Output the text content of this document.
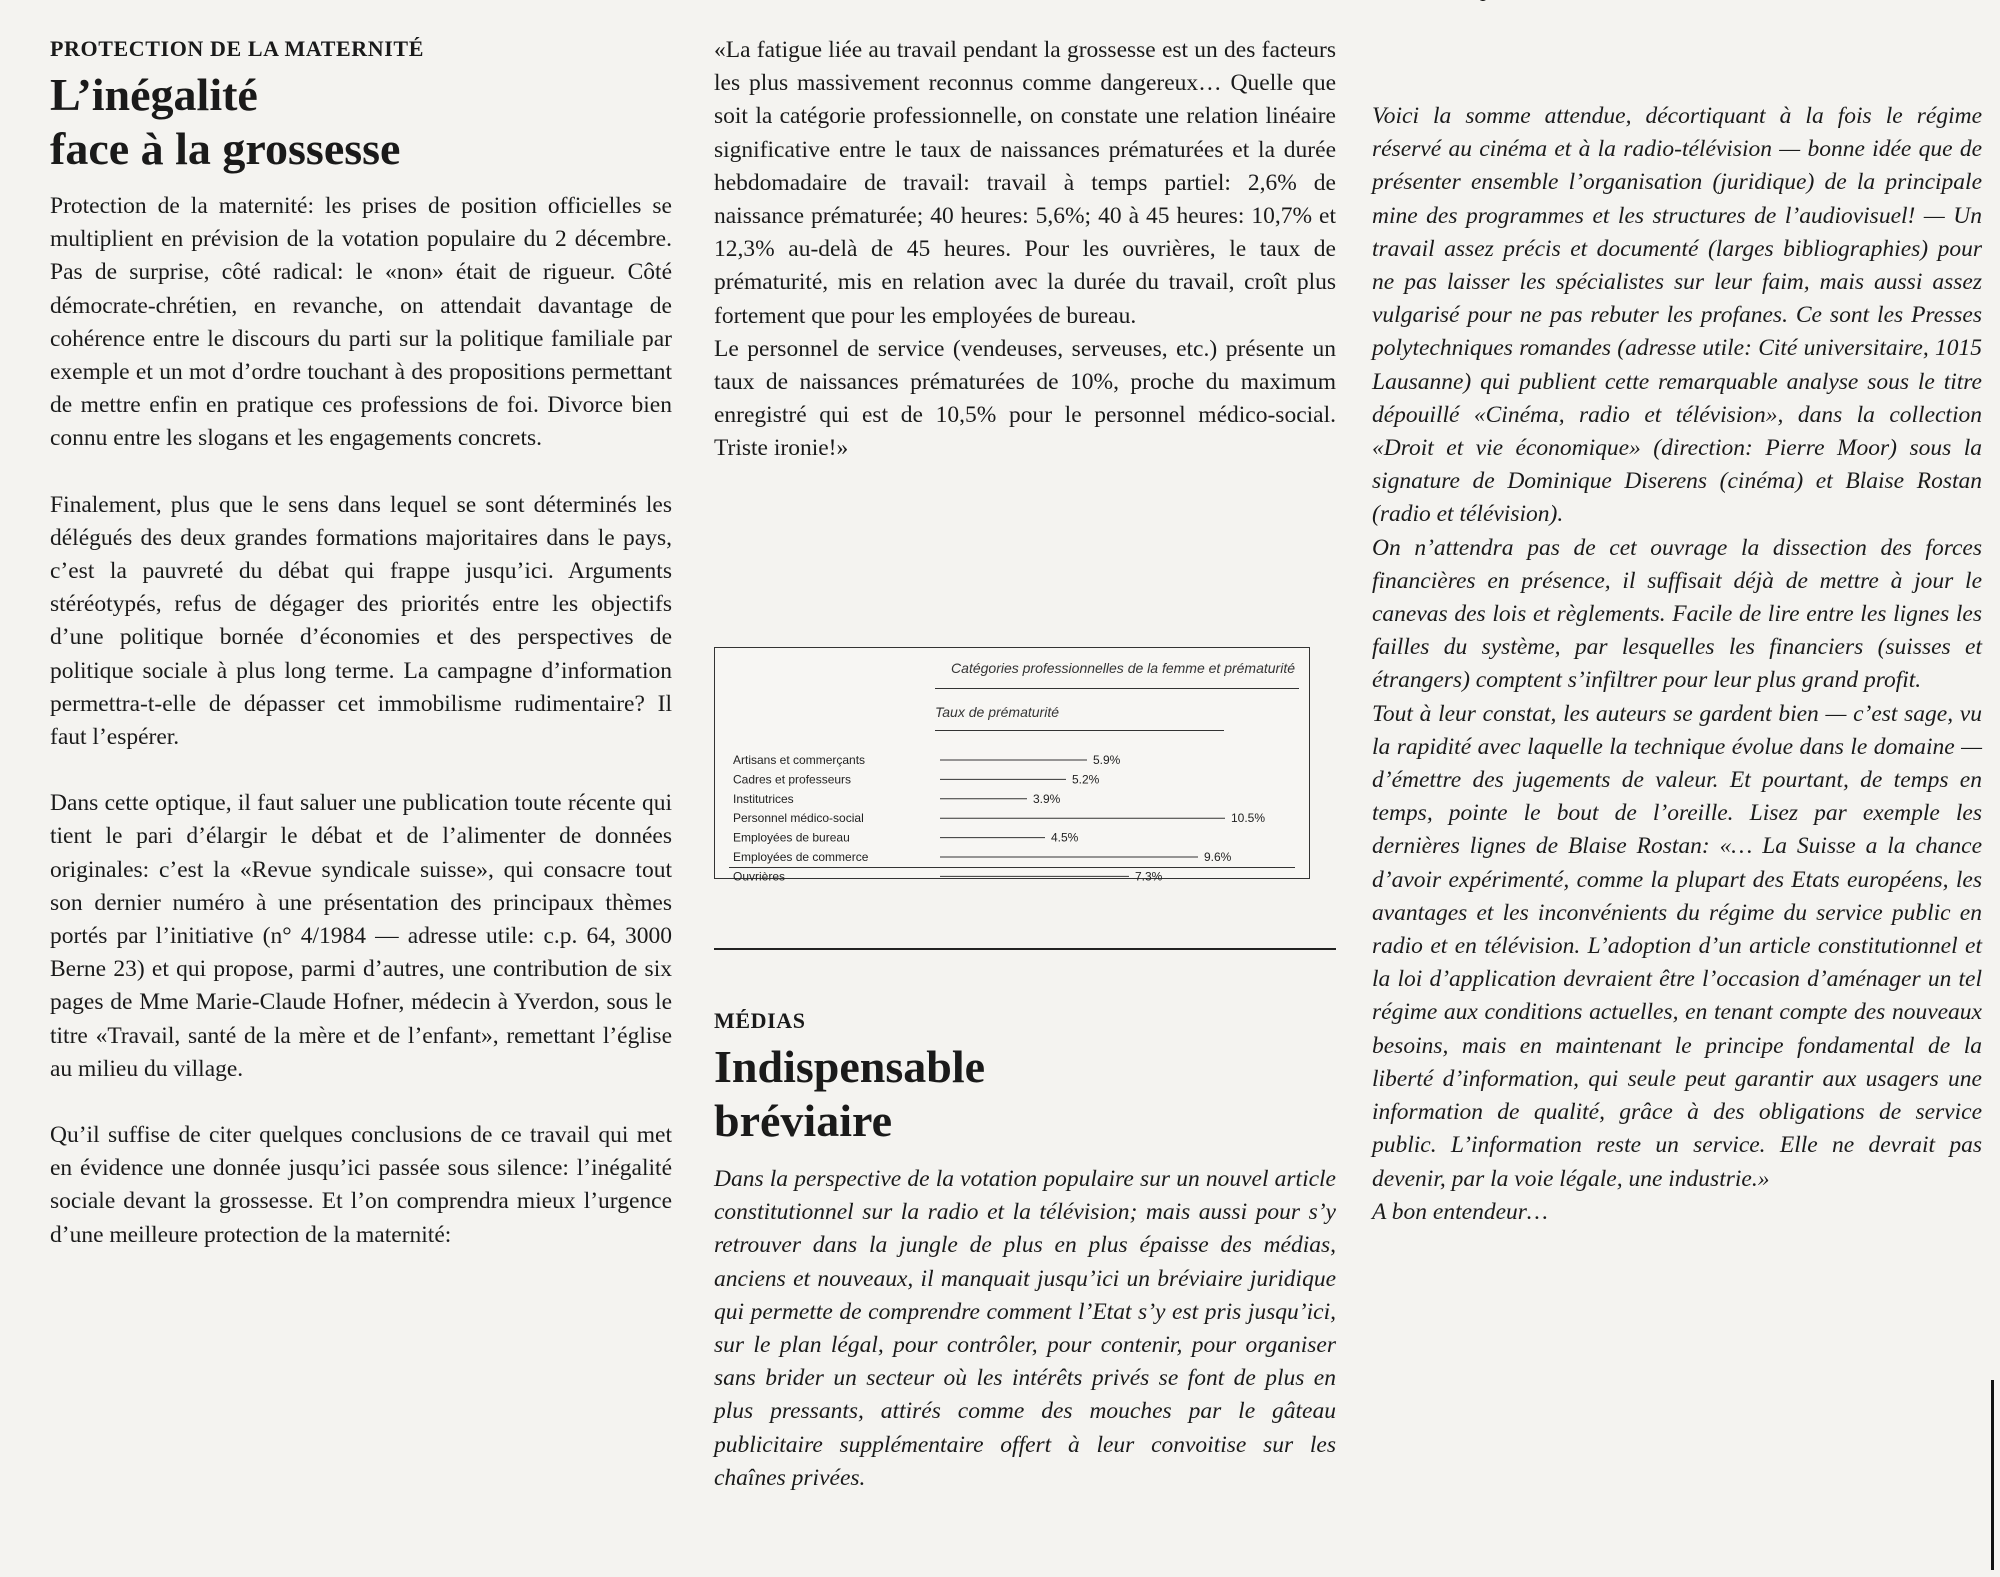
PROTECTION DE LA MATERNITÉ
L’inégalité
face à la grossesse

Protection de la maternité: les prises de position officielles se multiplient en prévision de la votation populaire du 2 décembre. Pas de surprise, côté radical: le «non» était de rigueur. Côté démocrate-chrétien, en revanche, on attendait davantage de cohérence entre le discours du parti sur la politique familiale par exemple et un mot d’ordre touchant à des propositions permettant de mettre enfin en pratique ces professions de foi. Divorce bien connu entre les slogans et les engagements concrets.

Finalement, plus que le sens dans lequel se sont déterminés les délégués des deux grandes formations majoritaires dans le pays, c’est la pauvreté du débat qui frappe jusqu’ici. Arguments stéréotypés, refus de dégager des priorités entre les objectifs d’une politique bornée d’économies et des perspectives de politique sociale à plus long terme. La campagne d’information permettra-t-elle de dépasser cet immobilisme rudimentaire? Il faut l’espérer.

Dans cette optique, il faut saluer une publication toute récente qui tient le pari d’élargir le débat et de l’alimenter de données originales: c’est la «Revue syndicale suisse», qui consacre tout son dernier numéro à une présentation des principaux thèmes portés par l’initiative (n° 4/1984 — adresse utile: c.p. 64, 3000 Berne 23) et qui propose, parmi d’autres, une contribution de six pages de Mme Marie-Claude Hofner, médecin à Yverdon, sous le titre «Travail, santé de la mère et de l’enfant», remettant l’église au milieu du village.

Qu’il suffise de citer quelques conclusions de ce travail qui met en évidence une donnée jusqu’ici passée sous silence: l’inégalité sociale devant la grossesse. Et l’on comprendra mieux l’urgence d’une meilleure protection de la maternité:

«La fatigue liée au travail pendant la grossesse est un des facteurs les plus massivement reconnus comme dangereux… Quelle que soit la catégorie professionnelle, on constate une relation linéaire significative entre le taux de naissances prématurées et la durée hebdomadaire de travail: travail à temps partiel: 2,6% de naissance prématurée; 40 heures: 5,6%; 40 à 45 heures: 10,7% et 12,3% au-delà de 45 heures. Pour les ouvrières, le taux de prématurité, mis en relation avec la durée du travail, croît plus fortement que pour les employées de bureau.

Le personnel de service (vendeuses, serveuses, etc.) présente un taux de naissances prématurées de 10%, proche du maximum enregistré qui est de 10,5% pour le personnel médico-social. Triste ironie!»

Catégories professionnelles de la femme et prématurité
Taux de prématurité
Artisans et commerçants	5.9%
Cadres et professeurs	5.2%
Institutrices	3.9%
Personnel médico-social	10.5%
Employées de bureau	4.5%
Employées de commerce	9.6%
Ouvrières	7.3%
MÉDIAS
Indispensable
bréviaire

Dans la perspective de la votation populaire sur un nouvel article constitutionnel sur la radio et la télévision; mais aussi pour s’y retrouver dans la jungle de plus en plus épaisse des médias, anciens et nouveaux, il manquait jusqu’ici un bréviaire juridique qui permette de comprendre comment l’Etat s’y est pris jusqu’ici, sur le plan légal, pour contrôler, pour contenir, pour organiser sans brider un secteur où les intérêts privés se font de plus en plus pressants, attirés comme des mouches par le gâteau publicitaire supplémentaire offert à leur convoitise sur les chaînes privées.

Voici la somme attendue, décortiquant à la fois le régime réservé au cinéma et à la radio-télévision — bonne idée que de présenter ensemble l’organisation (juridique) de la principale mine des programmes et les structures de l’audiovisuel! — Un travail assez précis et documenté (larges bibliographies) pour ne pas laisser les spécialistes sur leur faim, mais aussi assez vulgarisé pour ne pas rebuter les profanes. Ce sont les Presses polytechniques romandes (adresse utile: Cité universitaire, 1015 Lausanne) qui publient cette remarquable analyse sous le titre dépouillé «Cinéma, radio et télévision», dans la collection «Droit et vie économique» (direction: Pierre Moor) sous la signature de Dominique Diserens (cinéma) et Blaise Rostan (radio et télévision).

On n’attendra pas de cet ouvrage la dissection des forces financières en présence, il suffisait déjà de mettre à jour le canevas des lois et règlements. Facile de lire entre les lignes les failles du système, par lesquelles les financiers (suisses et étrangers) comptent s’infiltrer pour leur plus grand profit.

Tout à leur constat, les auteurs se gardent bien — c’est sage, vu la rapidité avec laquelle la technique évolue dans le domaine — d’émettre des jugements de valeur. Et pourtant, de temps en temps, pointe le bout de l’oreille. Lisez par exemple les dernières lignes de Blaise Rostan: «… La Suisse a la chance d’avoir expérimenté, comme la plupart des Etats européens, les avantages et les inconvénients du régime du service public en radio et en télévision. L’adoption d’un article constitutionnel et la loi d’application devraient être l’occasion d’aménager un tel régime aux conditions actuelles, en tenant compte des nouveaux besoins, mais en maintenant le principe fondamental de la liberté d’information, qui seule peut garantir aux usagers une information de qualité, grâce à des obligations de service public. L’information reste un service. Elle ne devrait pas devenir, par la voie légale, une industrie.»

A bon entendeur…
